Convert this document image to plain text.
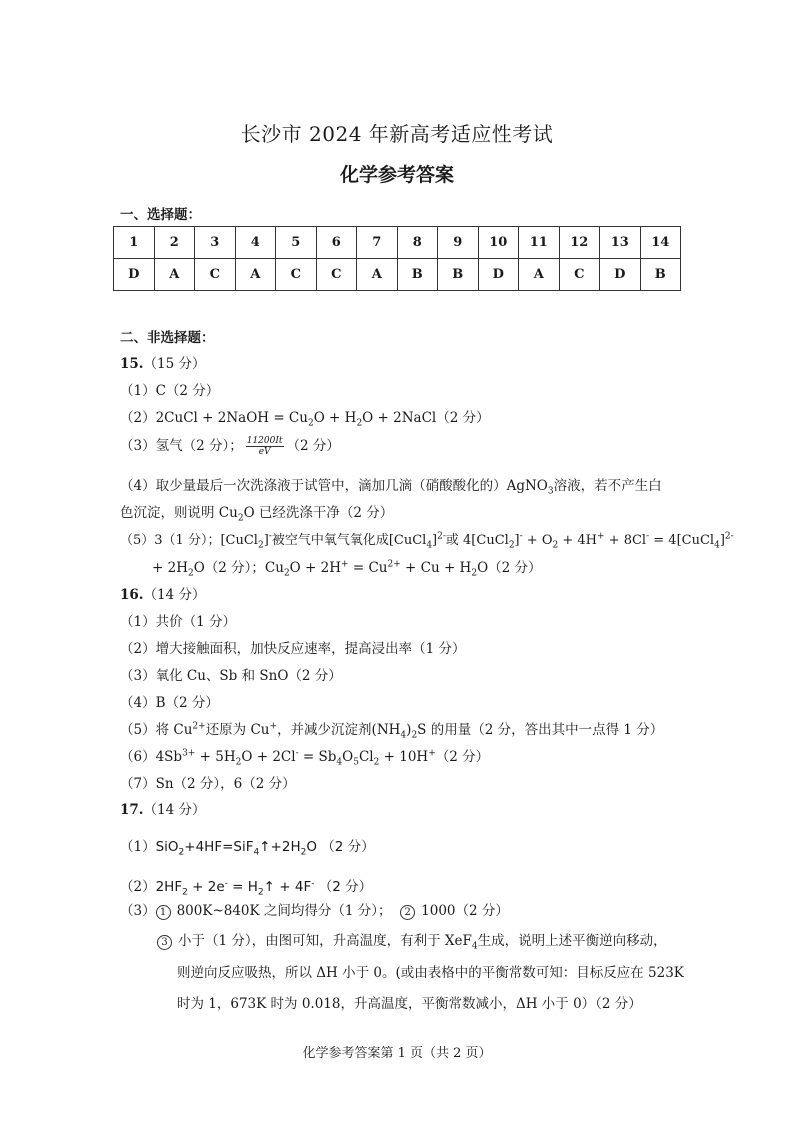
长沙市 2024 年新高考适应性考试
化学参考答案
一、选择题：
1	2	3	4	5	6	7	8	9	10	11	12	13	14
D	A	C	A	C	C	A	B	B	D	A	C	D	B
二、非选择题：
15.（15 分）
（1）C（2 分）
（2）2CuCl + 2NaOH = $Cu_2O + H_2O$ + 2NaCl（2 分）
（3）氢气（2 分）； $\frac{11200It}{eV} (2$ 分）
（4）取少量最后一次洗涤液于试管中，滴加几滴（硝酸酸化的）AgNO$_3$溶液，若不产生白
色沉淀，则说明 $Cu_2O$ 已经洗涤干净（2 分）
（5）3（1 分）；[CuCl$_2$]-被空气中氧气氧化成[CuCl$_4$]$^{2-}$或 4[CuCl$_2$]- + $O_2 + 4H^+ + 8Cl^-$ = 4[CuCl$_4$]$^{2-}$
+ $2H_2O(2$ 分）；$Cu_2O + 2H^+ = Cu^{2+} + Cu + H_2O(2$ 分）
16.（14 分）
（1）共价（1 分）
（2）增大接触面积，加快反应速率，提高浸出率（1 分）
（3）氧化 Cu、Sb 和 SnO（2 分）
（4）B（2 分）
（5）将 $Cu^{2+}$还原为 Cu+，并减少沉淀剂$(NH_4)_2S$ 的用量（2 分，答出其中一点得 1 分）
$(6)4Sb^{3+} + 5H_2O + 2Cl^- = Sb_4O_5Cl_2 + 10H^+(2$ 分）
（7）Sn（2 分），6（2 分）
17.（14 分）
$(1)SiO_2+4HF=SiF_4↑+2H_2O$ （2 分）
$(2)2HF_2 + 2e^-$ = $H_2↑ + 4F^-$ （2 分）
（3） 1 800K~840K 之间均得分（1 分）； 2 1000（2 分）
3 小于（1 分），由图可知，升高温度，有利于 XeF$_4$生成，说明上述平衡逆向移动，
则逆向反应吸热，所以 ΔH 小于 0。(或由表格中的平衡常数可知：目标反应在 523K
时为 1，673K 时为 0.018，升高温度，平衡常数减小，ΔH 小于 0）（2 分）
化学参考答案第 1 页（共 2 页）
